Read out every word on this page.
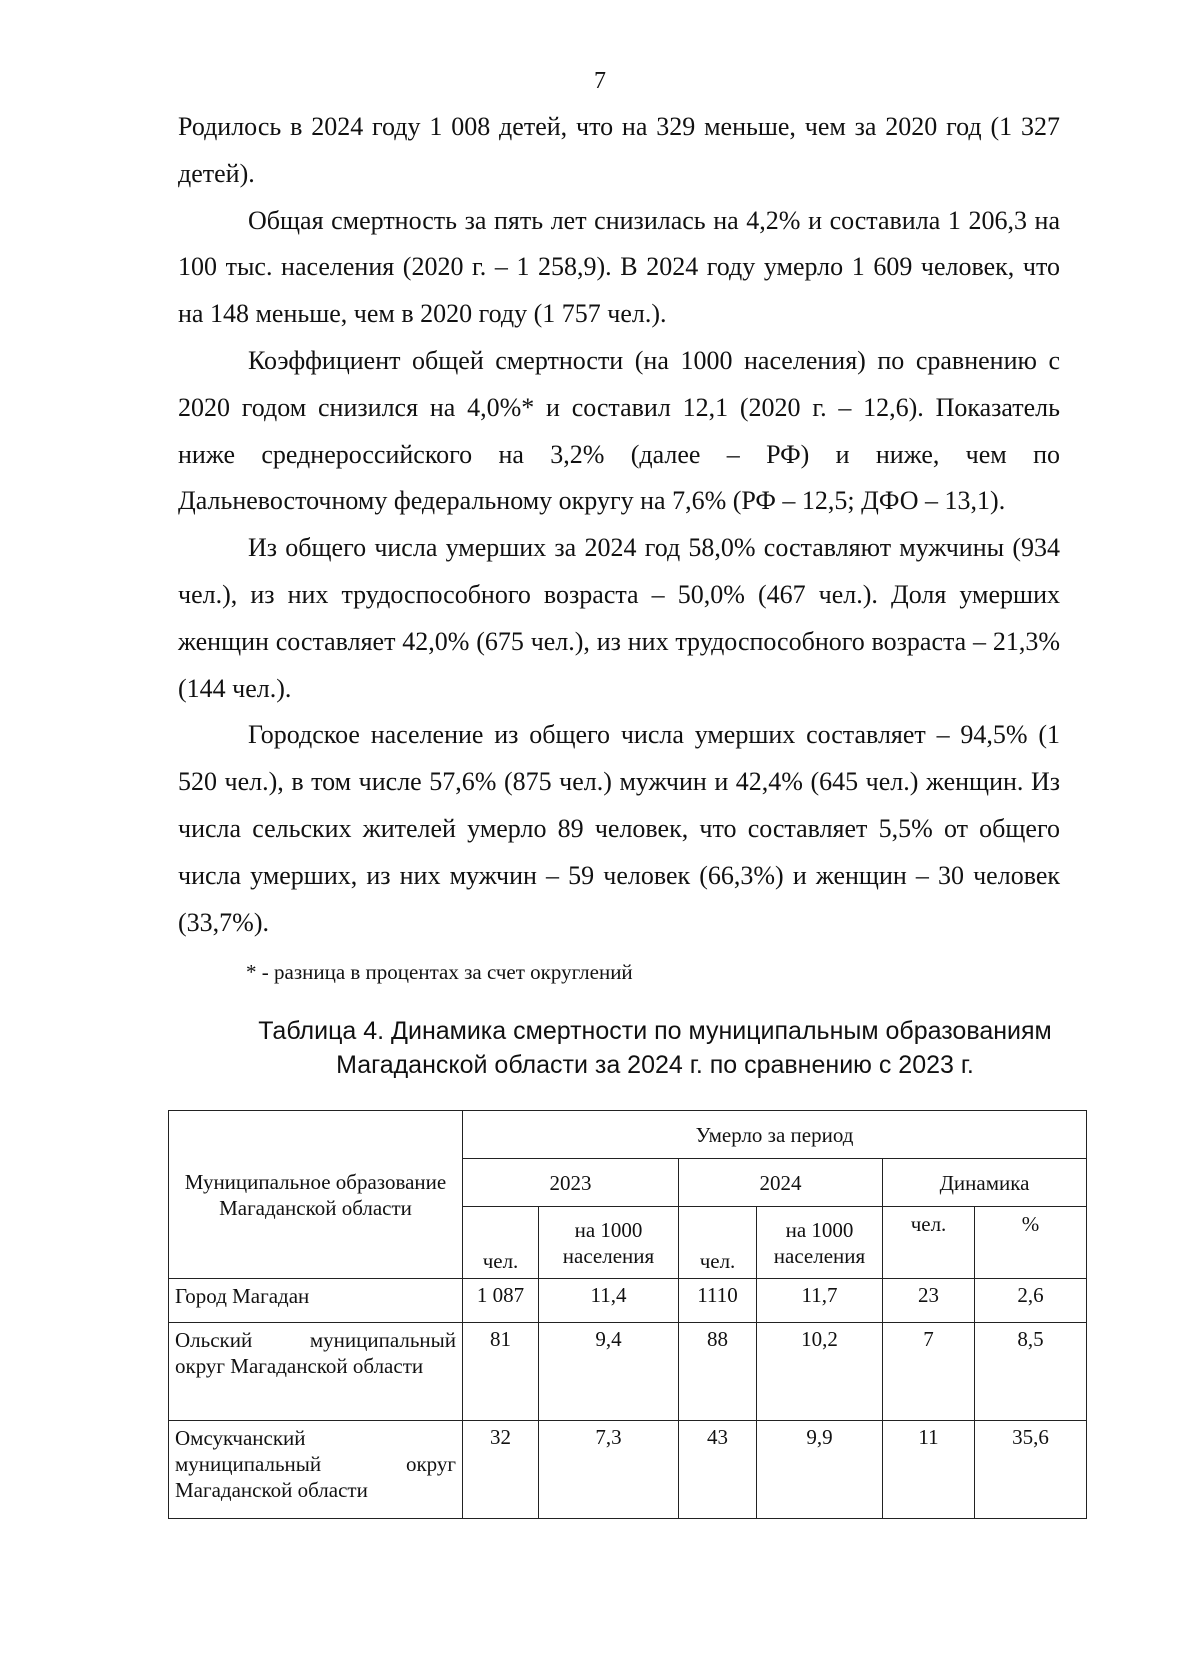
7

Родилось в 2024 году 1 008 детей, что на 329 меньше, чем за 2020 год (1 327 детей).

Общая смертность за пять лет снизилась на 4,2% и составила 1 206,3 на 100 тыс. населения (2020 г. – 1 258,9). В 2024 году умерло 1 609 человек, что на 148 меньше, чем в 2020 году (1 757 чел.).

Коэффициент общей смертности (на 1000 населения) по сравнению с 2020 годом снизился на 4,0%* и составил 12,1 (2020 г. – 12,6). Показатель ниже среднероссийского на 3,2% (далее – РФ) и ниже, чем по Дальневосточному федеральному округу на 7,6% (РФ – 12,5; ДФО – 13,1).

Из общего числа умерших за 2024 год 58,0% составляют мужчины (934 чел.), из них трудоспособного возраста – 50,0% (467 чел.). Доля умерших женщин составляет 42,0% (675 чел.), из них трудоспособного возраста – 21,3% (144 чел.).

Городское население из общего числа умерших составляет – 94,5% (1 520 чел.), в том числе 57,6% (875 чел.) мужчин и 42,4% (645 чел.) женщин. Из числа сельских жителей умерло 89 человек, что составляет 5,5% от общего числа умерших, из них мужчин – 59 человек (66,3%) и женщин – 30 человек (33,7%).

* - разница в процентах за счет округлений
Таблица 4. Динамика смертности по муниципальным образованиям
Магаданской области за 2024 г. по сравнению с 2023 г.
Муниципальное образование Магаданской области	Умерло за период					
	2023		2024		Динамика	
	чел.	на 1000 населения	чел.	на 1000 населения	чел.	%
Город Магадан	1 087	11,4	1110	11,7	23	2,6
Ольский муниципальный округ Магаданской области	81	9,4	88	10,2	7	8,5
Омсукчанский муниципальный округ Магаданской области	32	7,3	43	9,9	11	35,6
